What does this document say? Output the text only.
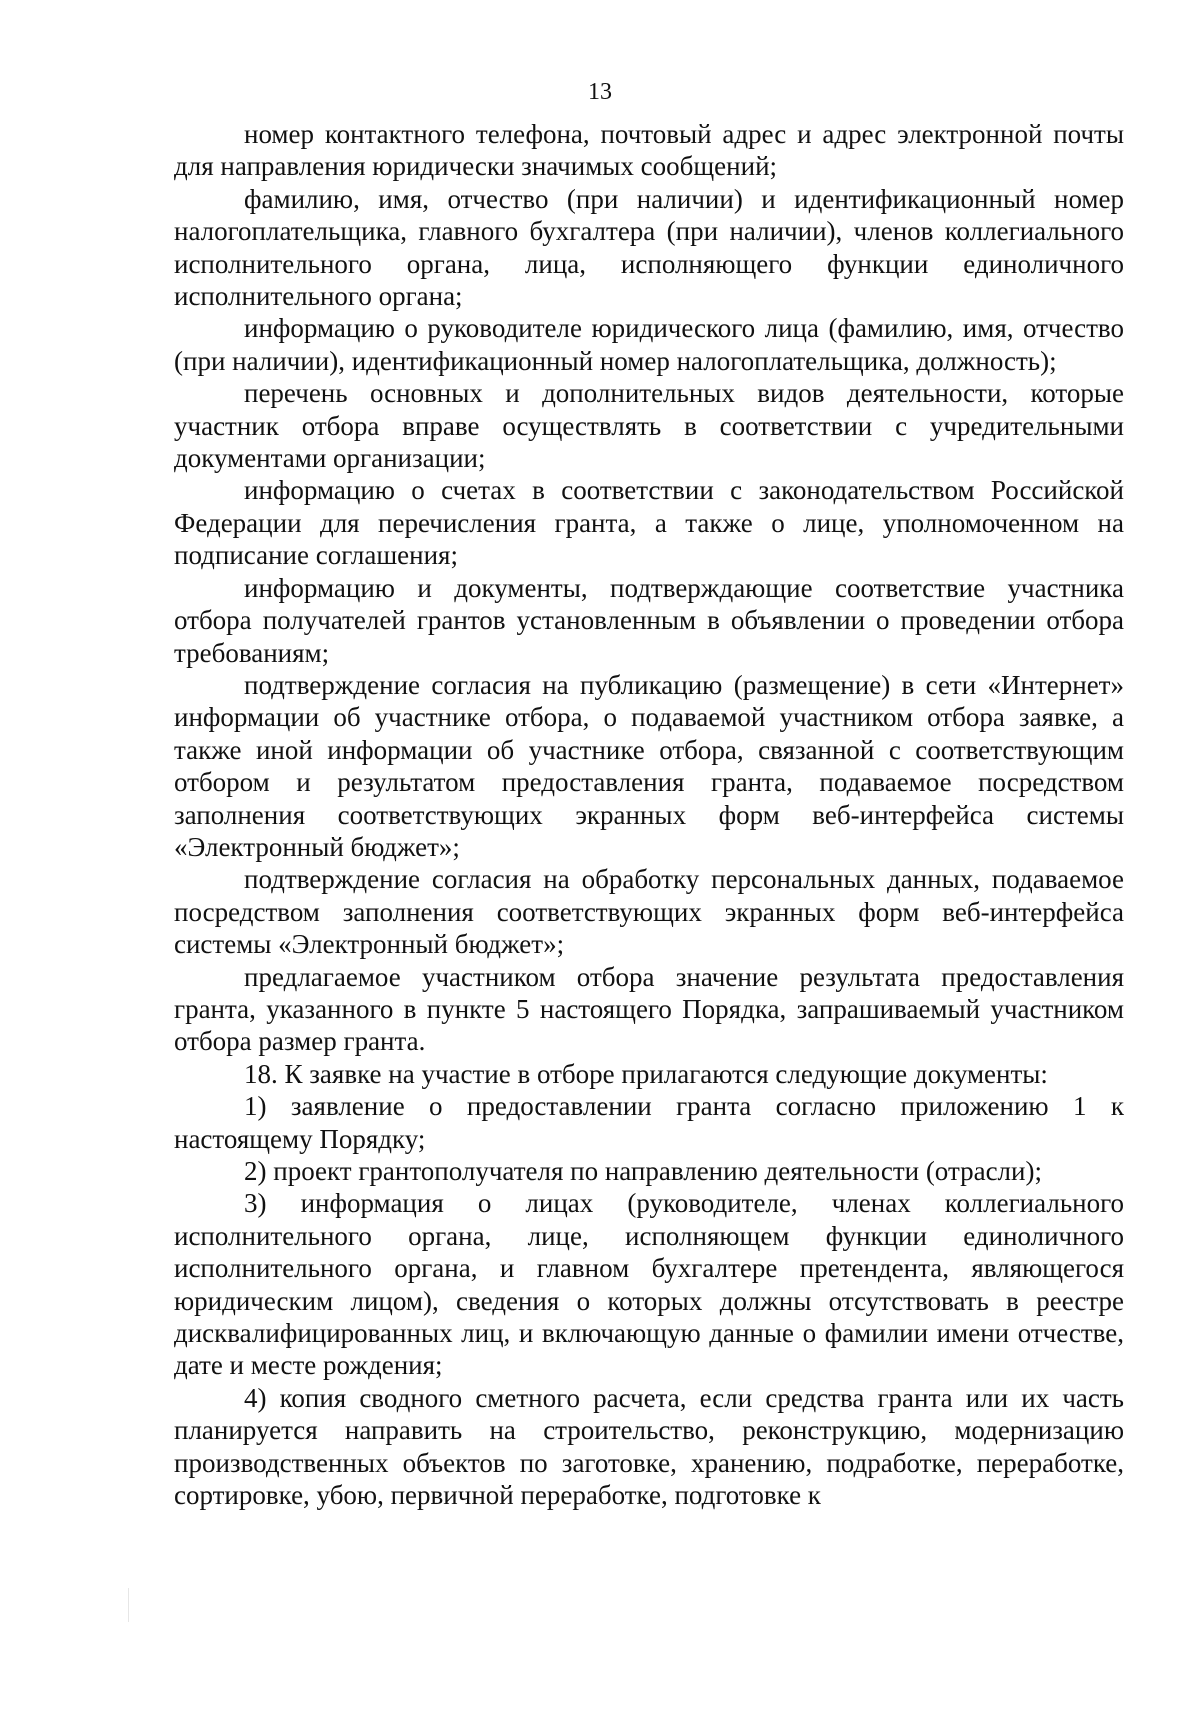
13

номер контактного телефона, почтовый адрес и адрес электронной почты для направления юридически значимых сообщений;

фамилию, имя, отчество (при наличии) и идентификационный номер налогоплательщика, главного бухгалтера (при наличии), членов коллегиального исполнительного органа, лица, исполняющего функции единоличного исполнительного органа;

информацию о руководителе юридического лица (фамилию, имя, отчество (при наличии), идентификационный номер налогоплательщика, должность);

перечень основных и дополнительных видов деятельности, которые участник отбора вправе осуществлять в соответствии с учредительными документами организации;

информацию о счетах в соответствии с законодательством Российской Федерации для перечисления гранта, а также о лице, уполномоченном на подписание соглашения;

информацию и документы, подтверждающие соответствие участника отбора получателей грантов установленным в объявлении о проведении отбора требованиям;

подтверждение согласия на публикацию (размещение) в сети «Интернет» информации об участнике отбора, о подаваемой участником отбора заявке, а также иной информации об участнике отбора, связанной с соответствующим отбором и результатом предоставления гранта, подаваемое посредством заполнения соответствующих экранных форм веб-интерфейса системы «Электронный бюджет»;

подтверждение согласия на обработку персональных данных, подаваемое посредством заполнения соответствующих экранных форм веб-интерфейса системы «Электронный бюджет»;

предлагаемое участником отбора значение результата предоставления гранта, указанного в пункте 5 настоящего Порядка, запрашиваемый участником отбора размер гранта.

18. К заявке на участие в отборе прилагаются следующие документы:

1) заявление о предоставлении гранта согласно приложению 1 к настоящему Порядку;

2) проект грантополучателя по направлению деятельности (отрасли);

3) информация о лицах (руководителе, членах коллегиального исполнительного органа, лице, исполняющем функции единоличного исполнительного органа, и главном бухгалтере претендента, являющегося юридическим лицом), сведения о которых должны отсутствовать в реестре дисквалифицированных лиц, и включающую данные о фамилии имени отчестве, дате и месте рождения;

4) копия сводного сметного расчета, если средства гранта или их часть планируется направить на строительство, реконструкцию, модернизацию производственных объектов по заготовке, хранению, подработке, переработке, сортировке, убою, первичной переработке, подготовке к
